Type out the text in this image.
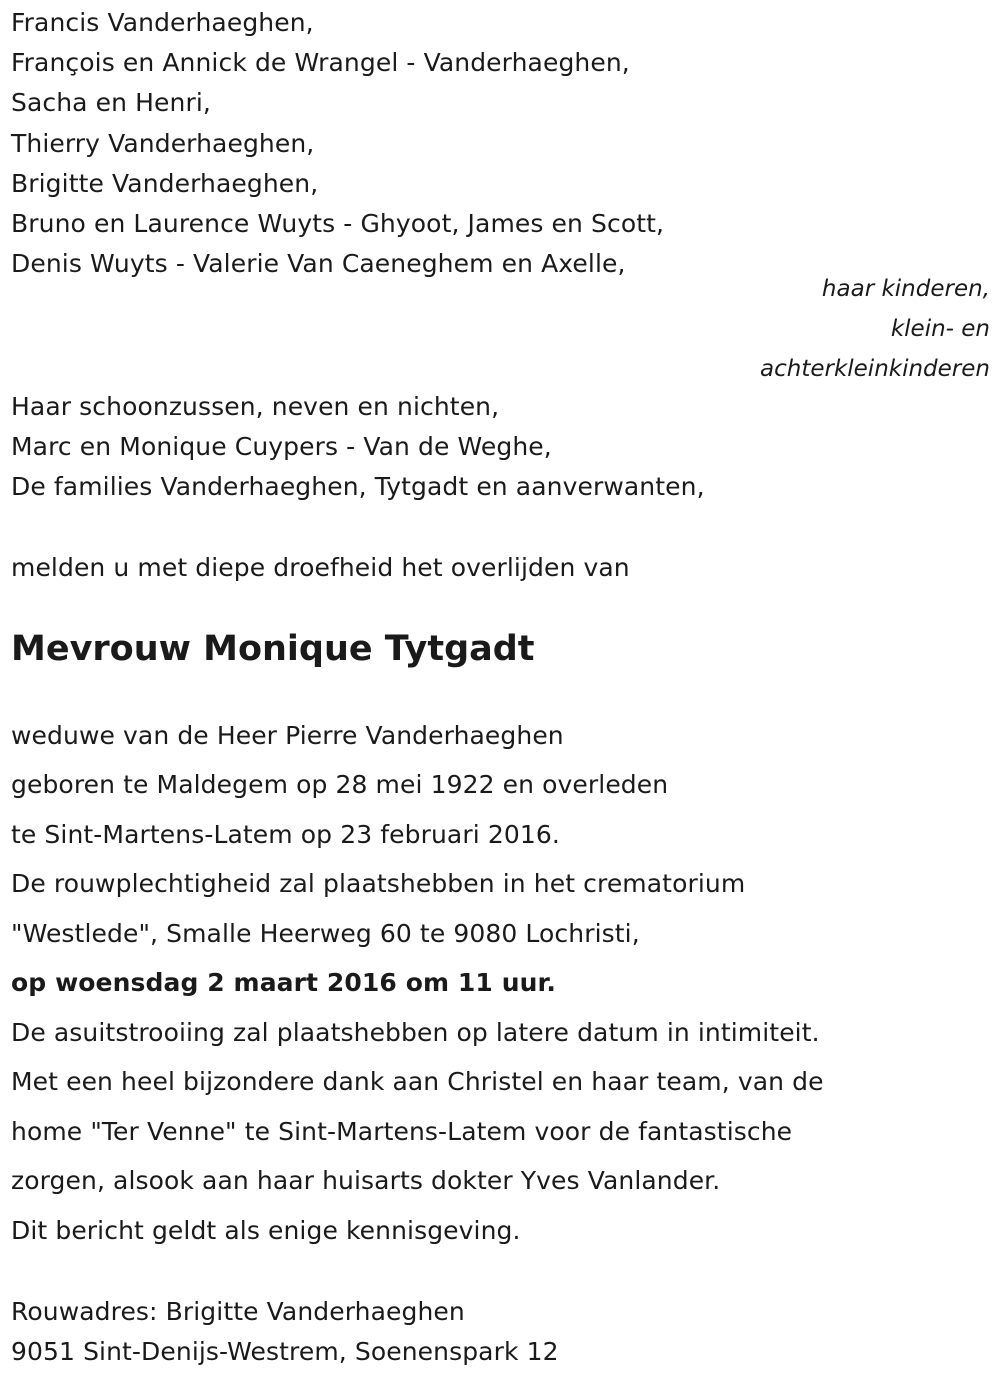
Francis Vanderhaeghen,
François en Annick de Wrangel - Vanderhaeghen,
Sacha en Henri,
Thierry Vanderhaeghen,
Brigitte Vanderhaeghen,
Bruno en Laurence Wuyts - Ghyoot, James en Scott,
Denis Wuyts - Valerie Van Caeneghem en Axelle,
haar kinderen,
klein- en
achterkleinkinderen
Haar schoonzussen, neven en nichten,
Marc en Monique Cuypers - Van de Weghe,
De families Vanderhaeghen, Tytgadt en aanverwanten,
melden u met diepe droefheid het overlijden van
Mevrouw Monique Tytgadt
weduwe van de Heer Pierre Vanderhaeghen
geboren te Maldegem op 28 mei 1922 en overleden
te Sint-Martens-Latem op 23 februari 2016.
De rouwplechtigheid zal plaatshebben in het crematorium
"Westlede", Smalle Heerweg 60 te 9080 Lochristi,
op woensdag 2 maart 2016 om 11 uur.
De asuitstrooiing zal plaatshebben op latere datum in intimiteit.
Met een heel bijzondere dank aan Christel en haar team, van de
home "Ter Venne" te Sint-Martens-Latem voor de fantastische
zorgen, alsook aan haar huisarts dokter Yves Vanlander.
Dit bericht geldt als enige kennisgeving.
Rouwadres: Brigitte Vanderhaeghen
9051 Sint-Denijs-Westrem, Soenenspark 12
